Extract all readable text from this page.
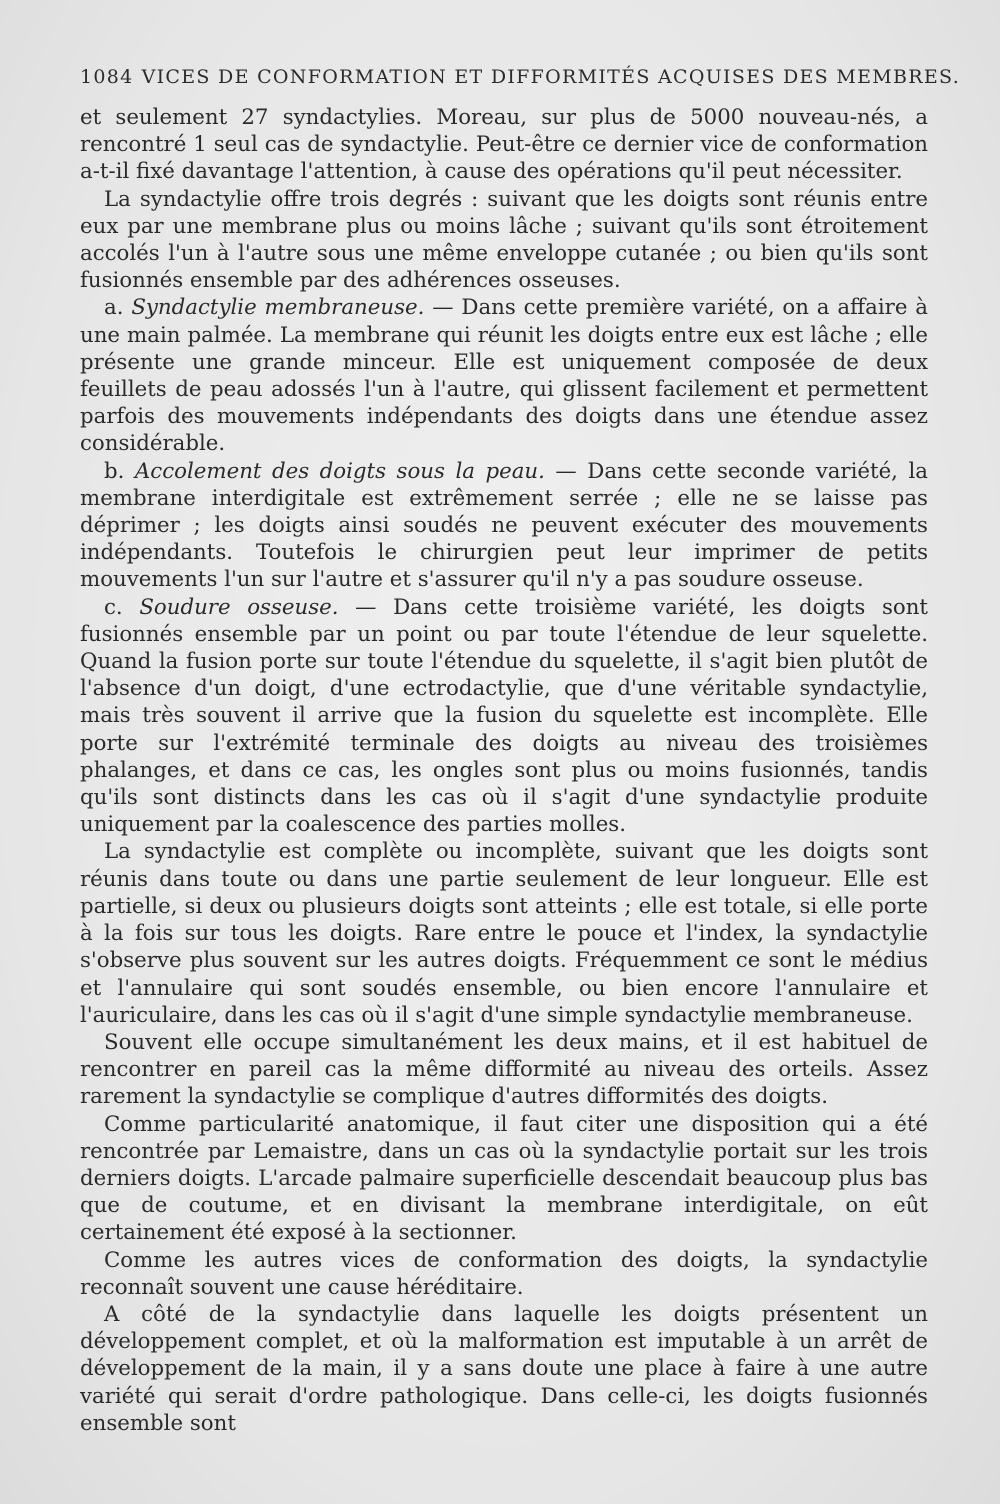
1084 VICES DE CONFORMATION ET DIFFORMITÉS ACQUISES DES MEMBRES.

et seulement 27 syndactylies. Moreau, sur plus de 5000 nouveau-nés, a rencontré 1 seul cas de syndactylie. Peut-être ce dernier vice de conformation a-t-il fixé davantage l'attention, à cause des opérations qu'il peut nécessiter.

La syndactylie offre trois degrés : suivant que les doigts sont réunis entre eux par une membrane plus ou moins lâche ; suivant qu'ils sont étroitement accolés l'un à l'autre sous une même enveloppe cutanée ; ou bien qu'ils sont fusionnés ensemble par des adhérences osseuses.

a. Syndactylie membraneuse. — Dans cette première variété, on a affaire à une main palmée. La membrane qui réunit les doigts entre eux est lâche ; elle présente une grande minceur. Elle est uniquement composée de deux feuillets de peau adossés l'un à l'autre, qui glissent facilement et permettent parfois des mouvements indépendants des doigts dans une étendue assez considérable.

b. Accolement des doigts sous la peau. — Dans cette seconde variété, la membrane interdigitale est extrêmement serrée ; elle ne se laisse pas déprimer ; les doigts ainsi soudés ne peuvent exécuter des mouvements indépendants. Toutefois le chirurgien peut leur imprimer de petits mouvements l'un sur l'autre et s'assurer qu'il n'y a pas soudure osseuse.

c. Soudure osseuse. — Dans cette troisième variété, les doigts sont fusionnés ensemble par un point ou par toute l'étendue de leur squelette. Quand la fusion porte sur toute l'étendue du squelette, il s'agit bien plutôt de l'absence d'un doigt, d'une ectrodactylie, que d'une véritable syndactylie, mais très souvent il arrive que la fusion du squelette est incomplète. Elle porte sur l'extrémité terminale des doigts au niveau des troisièmes phalanges, et dans ce cas, les ongles sont plus ou moins fusionnés, tandis qu'ils sont distincts dans les cas où il s'agit d'une syndactylie produite uniquement par la coalescence des parties molles.

La syndactylie est complète ou incomplète, suivant que les doigts sont réunis dans toute ou dans une partie seulement de leur longueur. Elle est partielle, si deux ou plusieurs doigts sont atteints ; elle est totale, si elle porte à la fois sur tous les doigts. Rare entre le pouce et l'index, la syndactylie s'observe plus souvent sur les autres doigts. Fréquemment ce sont le médius et l'annulaire qui sont soudés ensemble, ou bien encore l'annulaire et l'auriculaire, dans les cas où il s'agit d'une simple syndactylie membraneuse.

Souvent elle occupe simultanément les deux mains, et il est habituel de rencontrer en pareil cas la même difformité au niveau des orteils. Assez rarement la syndactylie se complique d'autres difformités des doigts.

Comme particularité anatomique, il faut citer une disposition qui a été rencontrée par Lemaistre, dans un cas où la syndactylie portait sur les trois derniers doigts. L'arcade palmaire superficielle descendait beaucoup plus bas que de coutume, et en divisant la membrane interdigitale, on eût certainement été exposé à la sectionner.

Comme les autres vices de conformation des doigts, la syndactylie reconnaît souvent une cause héréditaire.

A côté de la syndactylie dans laquelle les doigts présentent un développement complet, et où la malformation est imputable à un arrêt de développement de la main, il y a sans doute une place à faire à une autre variété qui serait d'ordre pathologique. Dans celle-ci, les doigts fusionnés ensemble sont
